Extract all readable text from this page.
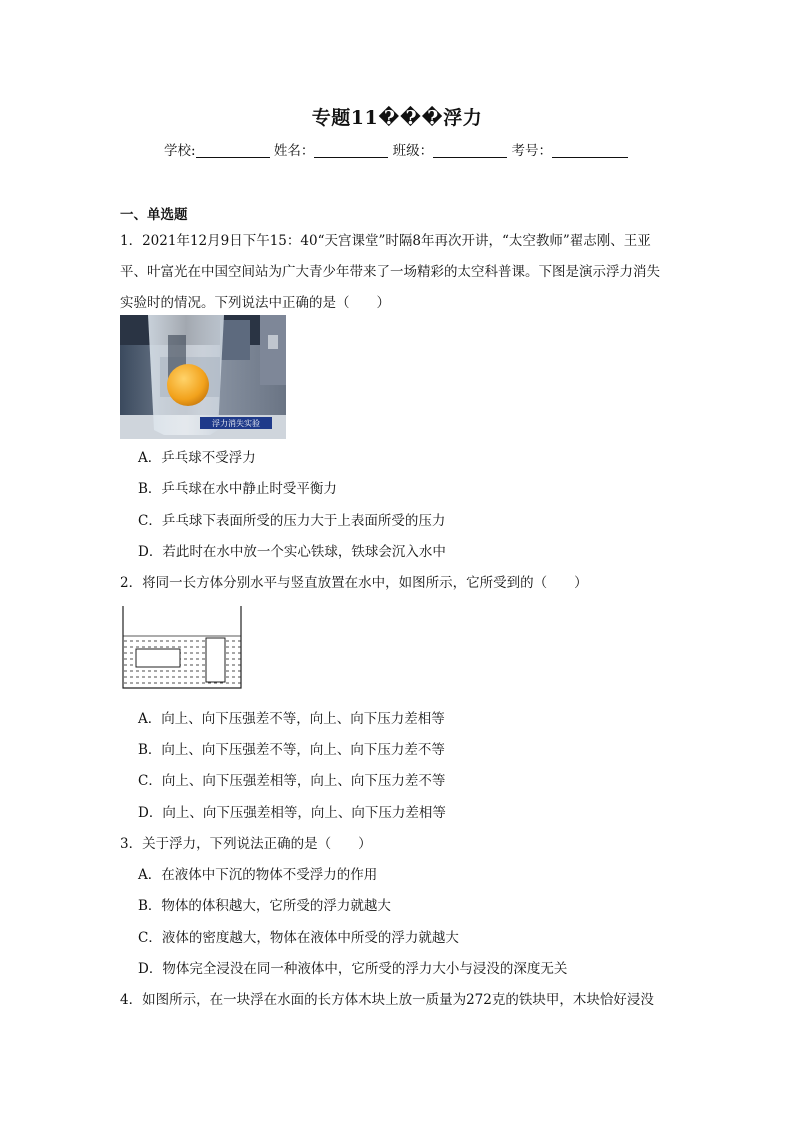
专题11���浮力
学校:	姓名：	班级：	考号：
一、单选题
1．2021年12月9日下午15：40“天宫课堂”时隔8年再次开讲，“太空教师”翟志刚、王亚
平、叶富光在中国空间站为广大青少年带来了一场精彩的太空科普课。下图是演示浮力消失
实验时的情况。下列说法中正确的是（　　）
浮力消失实验
A．乒乓球不受浮力
B．乒乓球在水中静止时受平衡力
C．乒乓球下表面所受的压力大于上表面所受的压力
D．若此时在水中放一个实心铁球，铁球会沉入水中
2．将同一长方体分别水平与竖直放置在水中，如图所示，它所受到的（　　）
A．向上、向下压强差不等，向上、向下压力差相等
B．向上、向下压强差不等，向上、向下压力差不等
C．向上、向下压强差相等，向上、向下压力差不等
D．向上、向下压强差相等，向上、向下压力差相等
3．关于浮力，下列说法正确的是（　　）
A．在液体中下沉的物体不受浮力的作用
B．物体的体积越大，它所受的浮力就越大
C．液体的密度越大，物体在液体中所受的浮力就越大
D．物体完全浸没在同一种液体中，它所受的浮力大小与浸没的深度无关
4．如图所示，在一块浮在水面的长方体木块上放一质量为272克的铁块甲，木块恰好浸没
